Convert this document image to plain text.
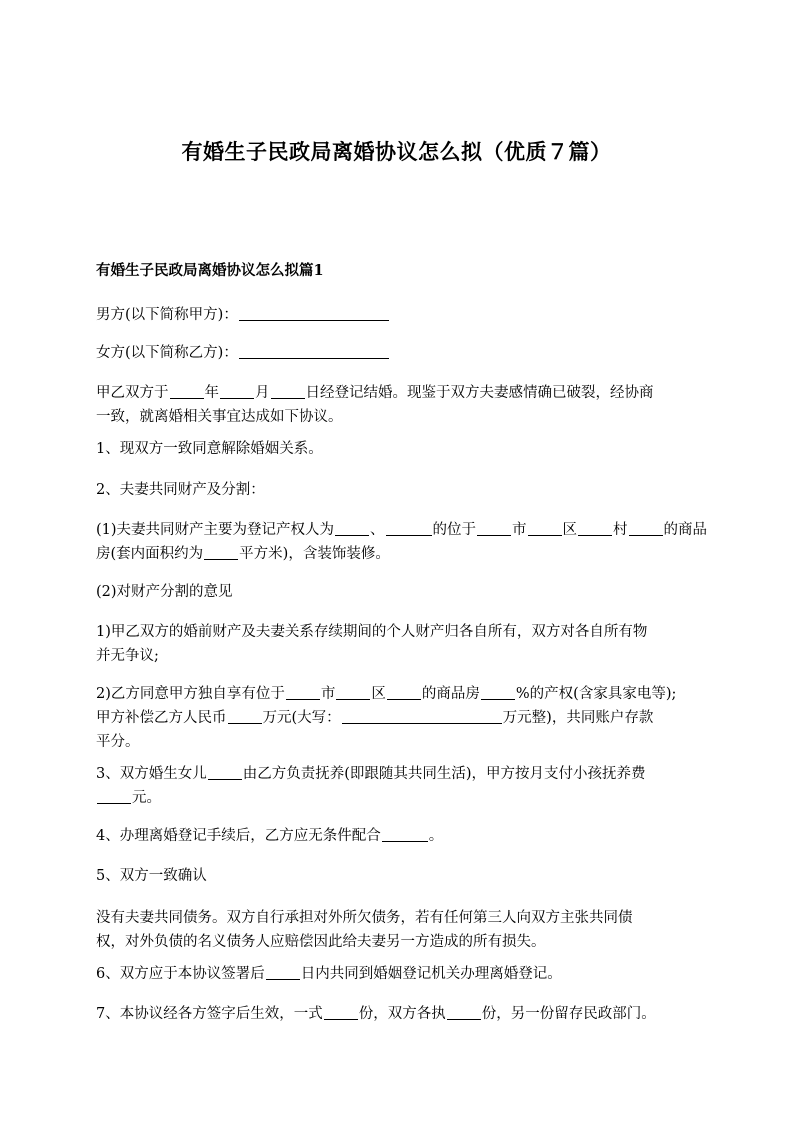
有婚生子民政局离婚协议怎么拟（优质７篇）
有婚生子民政局离婚协议怎么拟篇1

男方(以下简称甲方)：

女方(以下简称乙方)：

甲乙双方于 年 月 日经登记结婚。现鉴于双方夫妻感情确已破裂，经协商
一致，就离婚相关事宜达成如下协议。

1、现双方一致同意解除婚姻关系。

2、夫妻共同财产及分割：

(1)夫妻共同财产主要为登记产权人为 、	的位于 市 区 村 的商品
房(套内面积约为 平方米)，含装饰装修。

(2)对财产分割的意见

1)甲乙双方的婚前财产及夫妻关系存续期间的个人财产归各自所有，双方对各自所有物
并无争议;

2)乙方同意甲方独自享有位于 市 区 的商品房 %的产权(含家具家电等);
甲方补偿乙方人民币 万元(大写：	万元整)，共同账户存款
平分。

3、双方婚生女儿 由乙方负责抚养(即跟随其共同生活)，甲方按月支付小孩抚养费
元。

4、办理离婚登记手续后，乙方应无条件配合	。

5、双方一致确认

没有夫妻共同债务。双方自行承担对外所欠债务，若有任何第三人向双方主张共同债
权，对外负债的名义债务人应赔偿因此给夫妻另一方造成的所有损失。

6、双方应于本协议签署后 日内共同到婚姻登记机关办理离婚登记。

7、本协议经各方签字后生效，一式 份，双方各执 份，另一份留存民政部门。
